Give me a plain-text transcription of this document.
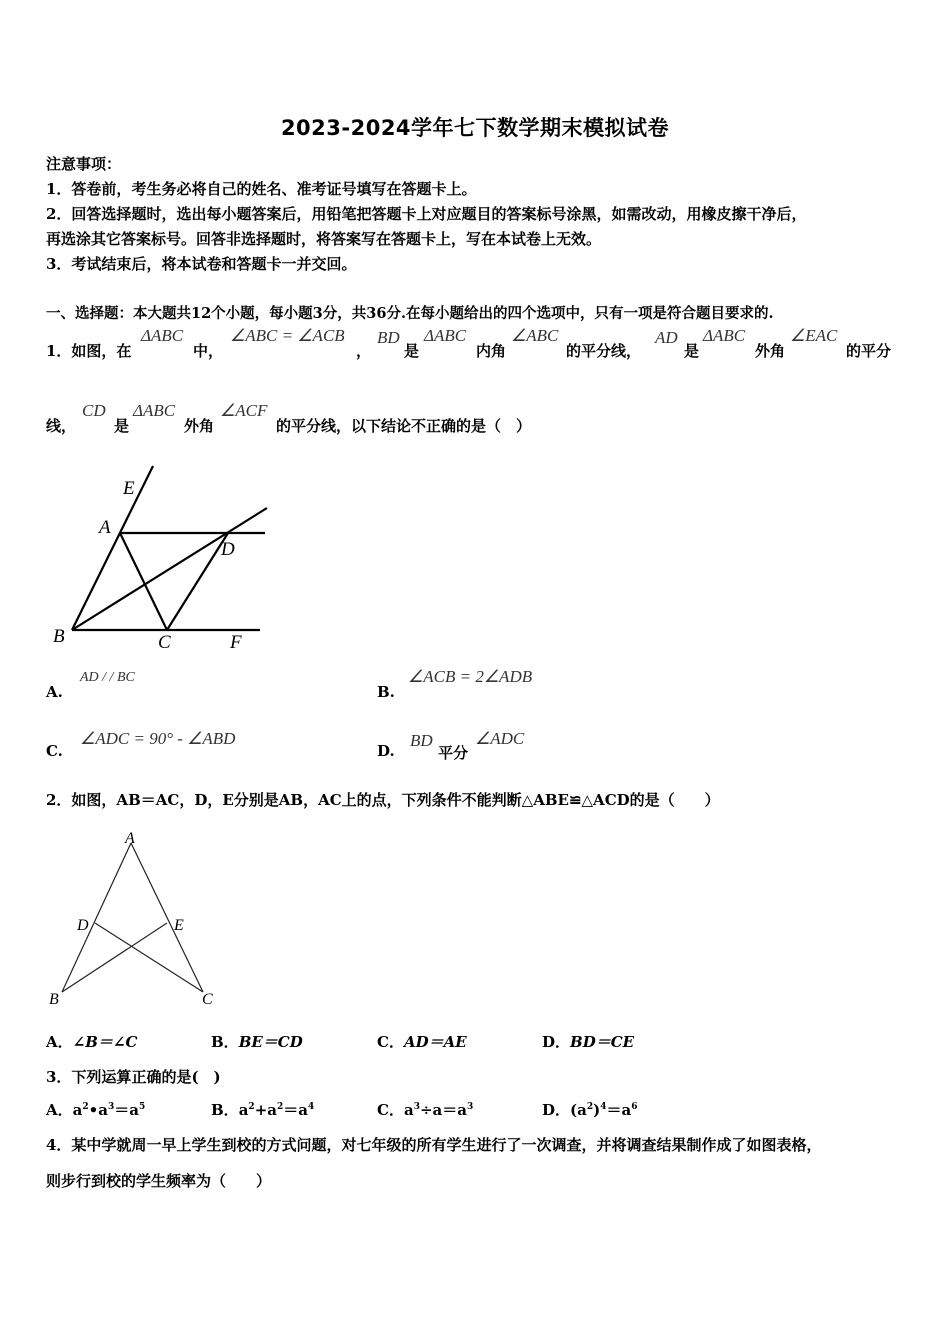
2023-2024学年七下数学期末模拟试卷
注意事项：
1．答卷前，考生务必将自己的姓名、准考证号填写在答题卡上。
2．回答选择题时，选出每小题答案后，用铅笔把答题卡上对应题目的答案标号涂黑，如需改动，用橡皮擦干净后，
再选涂其它答案标号。回答非选择题时，将答案写在答题卡上，写在本试卷上无效。
3．考试结束后，将本试卷和答题卡一并交回。
一、选择题：本大题共12个小题，每小题3分，共36分.在每小题给出的四个选项中，只有一项是符合题目要求的.
1．如图，在
ΔABC
中，
∠ABC = ∠ACB
，
BD
是
ΔABC
内角
∠ABC
的平分线，
AD
是
ΔABC
外角
∠EAC
的平分
线，
CD
是
ΔABC
外角
∠ACF
的平分线，以下结论不正确的是（　）
E
A
D
B	C	F
A.
AD / / BC
B.
∠ACB = 2∠ADB
C.
∠ADC = 90° - ∠ABD
D.
BD
平分
∠ADC
2．如图，AB＝AC，D，E分别是AB，AC上的点，下列条件不能判断△ABE≌△ACD的是（　　）
A
D	E
B	C
A．∠B＝∠C	B．BE＝CD	C．AD＝AE	D．BD＝CE
3．下列运算正确的是(　)
A．$a^2•a^3=a^5$	B．$a^2+a^2=a^4$	C．$a^3\div a=a^3$	D．$(a^2)^4=a^6$
4．某中学就周一早上学生到校的方式问题，对七年级的所有学生进行了一次调查，并将调查结果制作成了如图表格，
则步行到校的学生频率为（　　）
